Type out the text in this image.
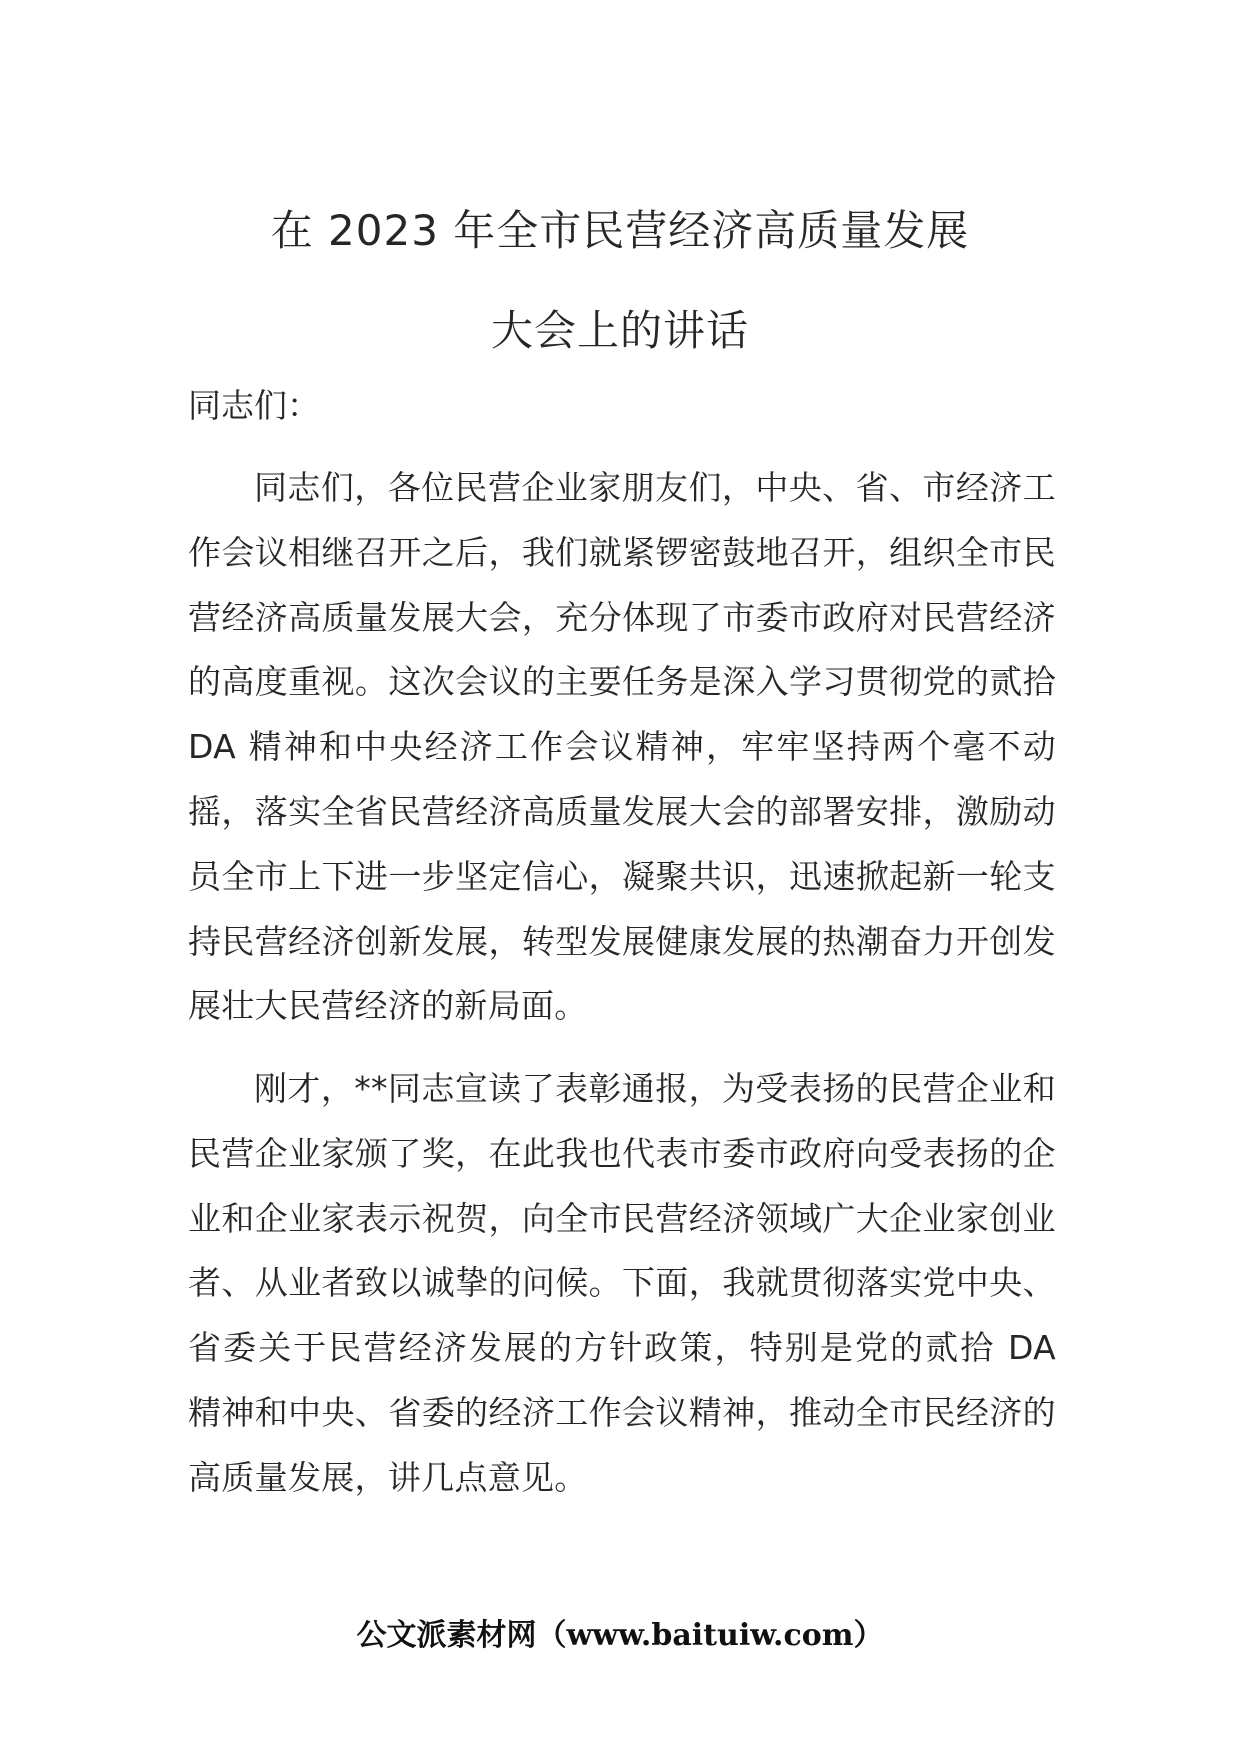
在 2023 年全市民营经济高质量发展
大会上的讲话

同志们：

同志们，各位民营企业家朋友们，中央、省、市经济工作会议相继召开之后，我们就紧锣密鼓地召开，组织全市民营经济高质量发展大会，充分体现了市委市政府对民营经济的高度重视。这次会议的主要任务是深入学习贯彻党的贰拾 DA 精神和中央经济工作会议精神，牢牢坚持两个毫不动摇，落实全省民营经济高质量发展大会的部署安排，激励动员全市上下进一步坚定信心，凝聚共识，迅速掀起新一轮支持民营经济创新发展，转型发展健康发展的热潮奋力开创发展壮大民营经济的新局面。

刚才，**同志宣读了表彰通报，为受表扬的民营企业和民营企业家颁了奖，在此我也代表市委市政府向受表扬的企业和企业家表示祝贺，向全市民营经济领域广大企业家创业者、从业者致以诚挚的问候。下面，我就贯彻落实党中央、省委关于民营经济发展的方针政策，特别是党的贰拾 DA 精神和中央、省委的经济工作会议精神，推动全市民经济的高质量发展，讲几点意见。

公文派素材网（www.baituiw.com）
